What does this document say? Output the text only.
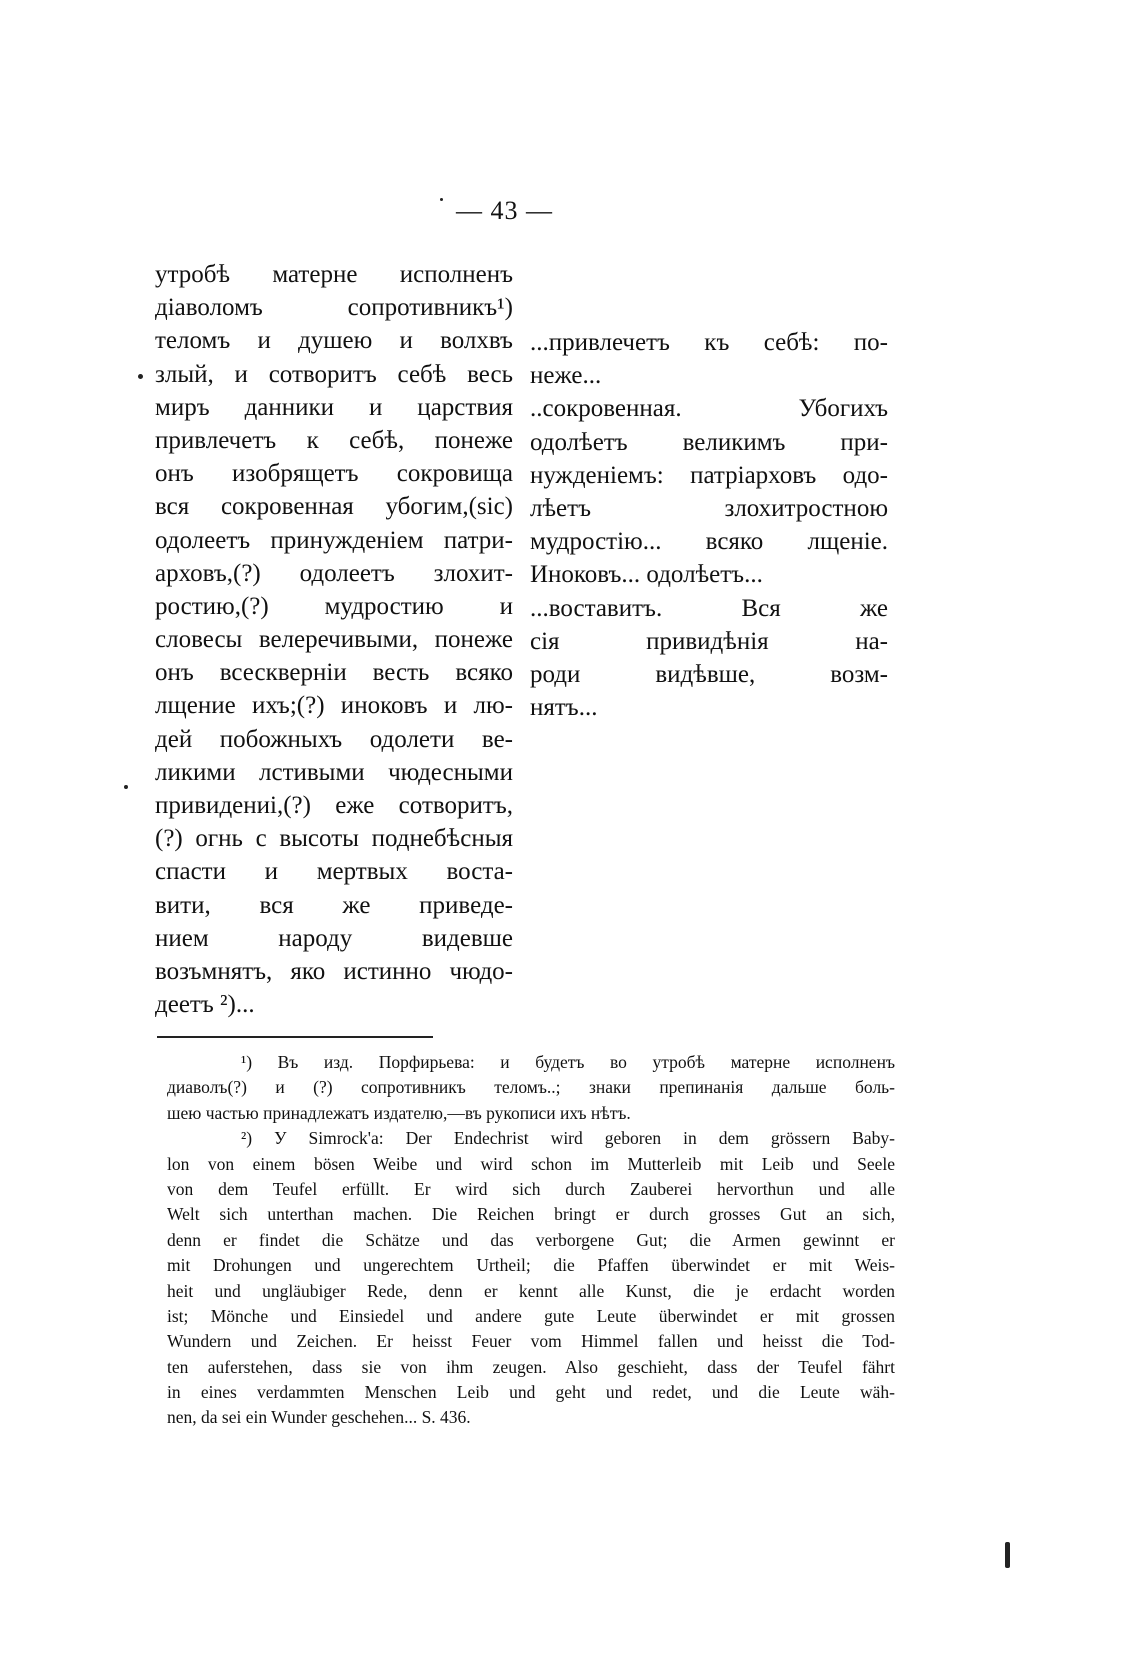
— 43 —
утробѣ матерне исполненъ
діаволомъ сопротивникъ¹)
теломъ и душею и волхвъ
злый, и сотворитъ себѣ весь
миръ данники и царствия
привлечетъ к себѣ, понеже
онъ изобрящетъ сокровища
вся сокровенная убогим,(sic)
одолеетъ принужденіем патри-
арховъ,(?) одолеетъ злохит-
ростию,(?) мудростию и
словесы велеречивыми, понеже
онъ всесквернiи весть всяко
лщение ихъ;(?) иноковъ и лю-
дей побожныхъ одолети ве-
ликими лстивыми чюдесными
привидениі,(?) еже сотворитъ,
(?) огнь с высоты поднебѣсныя
спасти и мертвых воста-
вити, вся же приведе-
нием народу видевше
возъмнятъ, яко истинно чюдо-
деетъ ²)...
...привлечетъ къ себѣ: по-
неже...
..сокровенная. Убогихъ
одолѣетъ великимъ при-
нужденіемъ: патріарховъ одо-
лѣетъ злохитростною
мудростiю... всяко лщеніе.
Иноковъ... одолѣетъ...
...воставитъ. Вся же
сія привидѣнія на-
роди видѣвше, возм-
нятъ...
¹) Въ изд. Порфирьева: и будетъ во утробѣ матерне исполненъ
диаволъ(?) и (?) сопротивникъ теломъ..; знаки препинанія дальше боль-
шею частью принадлежатъ издателю,—въ рукописи ихъ нѣтъ.
²) У Simrock'а: Der Endechrist wird geboren in dem grössern Baby-
lon von einem bösen Weibe und wird schon im Mutterleib mit Leib und Seele
von dem Teufel erfüllt. Er wird sich durch Zauberei hervorthun und alle
Welt sich unterthan machen. Die Reichen bringt er durch grosses Gut an sich,
denn er findet die Schätze und das verborgene Gut; die Armen gewinnt er
mit Drohungen und ungerechtem Urtheil; die Pfaffen überwindet er mit Weis-
heit und ungläubiger Rede, denn er kennt alle Kunst, die je erdacht worden
ist; Mönche und Einsiedel und andere gute Leute überwindet er mit grossen
Wundern und Zeichen. Er heisst Feuer vom Himmel fallen und heisst die Tod-
ten auferstehen, dass sie von ihm zeugen. Also geschieht, dass der Teufel fährt
in eines verdammten Menschen Leib und geht und redet, und die Leute wäh-
nen, da sei ein Wunder geschehen... S. 436.
